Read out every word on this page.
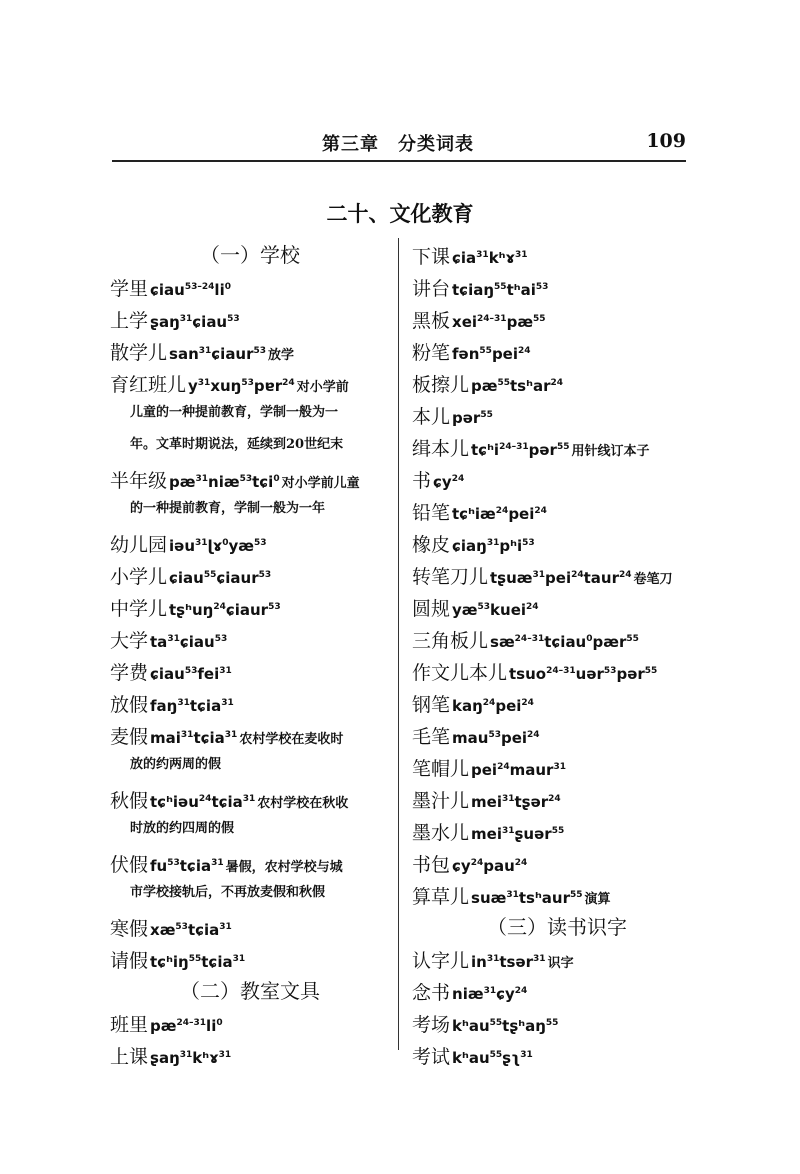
第三章　分类词表	109
二十、文化教育
（一）学校
学里 $ɕiau^{53-24}li^0$
上学 ʂaŋ$^{31}$ɕiau$^{53}$
散学儿 san$^{31}$ɕiaur$^{53}$ 放学
育红班儿 $y^{31}xuŋ^{53}pɐr^{24}$ 对小学前
儿童的一种提前教育，学制一般为一
年。文革时期说法，延续到20世纪末
半年级 $pæ^{31}niæ^{53}tɕi^0$ 对小学前儿童
的一种提前教育，学制一般为一年
幼儿园 $iəu^{31}ɭɤ^0yæ^{53}$
小学儿 ɕiau$^{55}$ɕiaur$^{53}$
中学儿 tʂʰuŋ$^{24}$ɕiaur$^{53}$
大学 $ta^{31}ɕiau^{53}$
学费 ɕiau$^{53}$fei$^{31}$
放假 faŋ$^{31}$tɕia$^{31}$
麦假 mai$^{31}$tɕia$^{31}$ 农村学校在麦收时
放的约两周的假
秋假 tɕʰiəu$^{24}$tɕia$^{31}$ 农村学校在秋收
时放的约四周的假
伏假 $fu^{53}tɕia^{31}$ 暑假，农村学校与城
市学校接轨后，不再放麦假和秋假
寒假 $xæ^{53}tɕia^{31}$
请假 tɕʰiŋ$^{55}$tɕia$^{31}$
（二）教室文具
班里 $pæ^{24-31}li^0$
上课 ʂaŋ$^{31}$kʰɤ$^{31}$
下课 ɕia$^{31}$kʰɤ$^{31}$
讲台 tɕiaŋ$^{55}$tʰai$^{53}$
黑板 $xei^{24-31}pæ^{55}$
粉笔 fən$^{55}$pei$^{24}$
板擦儿 $pæ^{55}tsʰar^{24}$
本儿 pər$^{55}$
缉本儿 tɕʰi$^{24-31}$pər$^{55}$ 用针线订本子
书 ɕy$^{24}$
铅笔 tɕʰiæ$^{24}$pei$^{24}$
橡皮 ɕiaŋ$^{31}$pʰi$^{53}$
转笔刀儿 tʂuæ$^{31}$pei$^{24}$taur$^{24}$ 卷笔刀
圆规 $yæ^{53}kuei^{24}$
三角板儿 $sæ^{24-31}tɕiau^0pær^{55}$
作文儿本儿 tsuo$^{24-31}$uər$^{53}$pər$^{55}$
钢笔 kaŋ$^{24}$pei$^{24}$
毛笔 mau$^{53}$pei$^{24}$
笔帽儿 pei$^{24}$maur$^{31}$
墨汁儿 mei$^{31}$tʂər$^{24}$
墨水儿 mei$^{31}$ʂuər$^{55}$
书包 ɕy$^{24}$pau$^{24}$
算草儿 suæ$^{31}$tsʰaur$^{55}$ 演算
（三）读书识字
认字儿 $in^{31}tsər^{31}$ 识字
念书 niæ$^{31}$ɕy$^{24}$
考场 kʰau$^{55}$tʂʰaŋ$^{55}$
考试 kʰau$^{55}$ʂʅ$^{31}$
